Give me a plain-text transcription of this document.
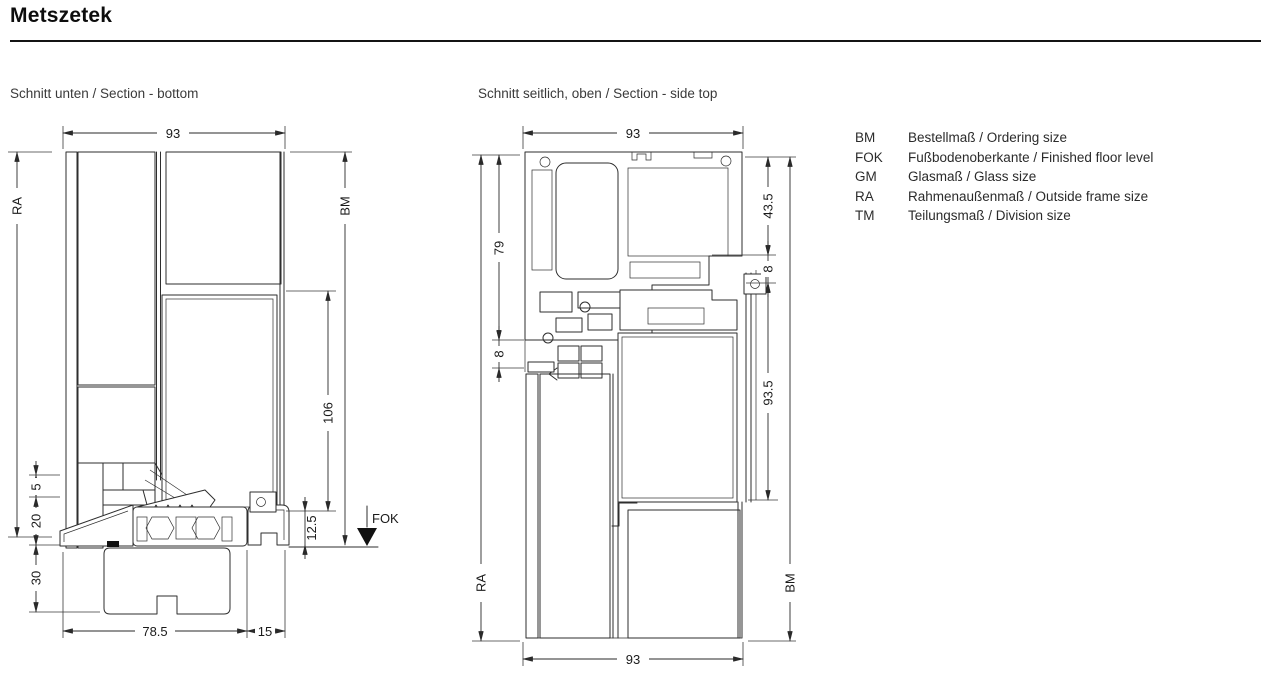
Metszetek
Schnitt unten / Section - bottom	Schnitt seitlich, oben / Section - side top
BM Bestellmaß / Ordering size
FOK Fußbodenoberkante / Finished floor level
GM Glasmaß / Glass size
RA	Rahmenaußenmaß / Outside frame size
TM Teilungsmaß / Division size
FOK
93
RA	BM
106
12.5
5
20
30
78.5	15
93
RA
79
8
43.5
8
93.5
BM
93
